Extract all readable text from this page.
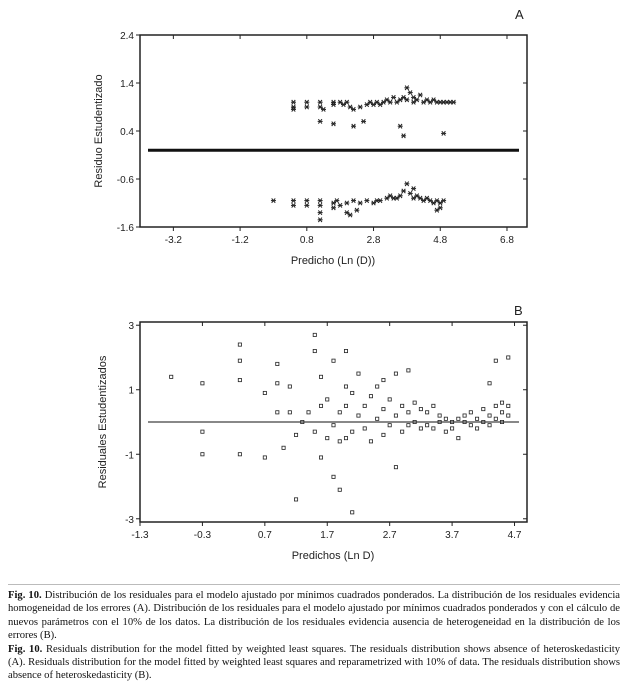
A
-3.2	-1.2	0.8	2.8	4.8	6.8
-1.6
-0.6
0.4
1.4
2.4
Predicho (Ln (D))
Residuo Estudentizado
B
-1.3	-0.3	0.7	1.7	2.7	3.7	4.7
-3
-1
1
3
Predichos (Ln D)
Residuales Estudentizados

Fig. 10. Distribución de los residuales para el modelo ajustado por mínimos cuadrados ponderados. La distribución de los residuales evidencia homogeneidad de los errores (A). Distribución de los residuales para el modelo ajustado por mínimos cuadrados ponderados y con el cálculo de nuevos parámetros con el 10% de los datos. La distribución de los residuales evidencia ausencia de heterogeneidad en la distribución de los errores (B).

Fig. 10. Residuals distribution for the model fitted by weighted least squares. The residuals distribution shows absence of heteroskedasticity (A). Residuals distribution for the model fitted by weighted least squares and reparametrized with 10% of data. The residuals distribution shows absence of heteroskedasticity (B).
